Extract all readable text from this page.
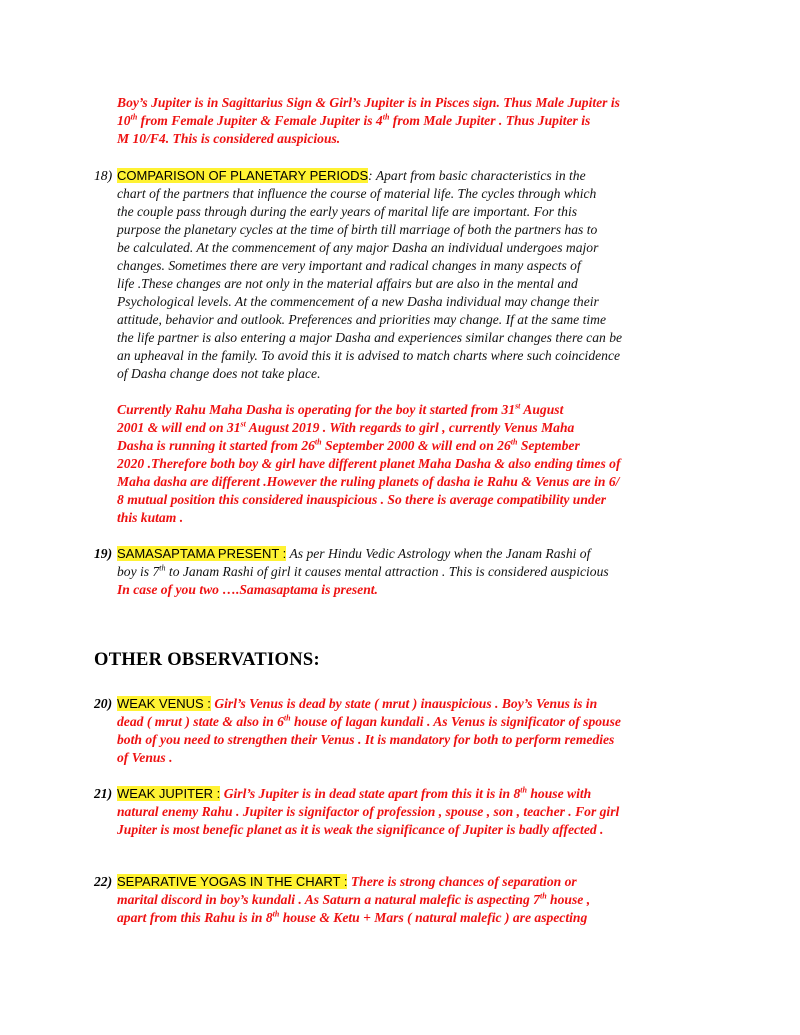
Boy’s Jupiter is in Sagittarius Sign & Girl’s Jupiter is in Pisces sign. Thus Male Jupiter is
10th from Female Jupiter & Female Jupiter is 4th from Male Jupiter . Thus Jupiter is
M 10/F4. This is considered auspicious.
18) COMPARISON OF PLANETARY PERIODS: Apart from basic characteristics in the
chart of the partners that influence the course of material life. The cycles through which
the couple pass through during the early years of marital life are important. For this
purpose the planetary cycles at the time of birth till marriage of both the partners has to
be calculated. At the commencement of any major Dasha an individual undergoes major
changes. Sometimes there are very important and radical changes in many aspects of
life .These changes are not only in the material affairs but are also in the mental and
Psychological levels. At the commencement of a new Dasha individual may change their
attitude, behavior and outlook. Preferences and priorities may change. If at the same time
the life partner is also entering a major Dasha and experiences similar changes there can be
an upheaval in the family. To avoid this it is advised to match charts where such coincidence
of Dasha change does not take place.
Currently Rahu Maha Dasha is operating for the boy it started from 31st August
2001 & will end on 31st August 2019 . With regards to girl , currently Venus Maha
Dasha is running it started from 26th September 2000 & will end on 26th September
2020 .Therefore both boy & girl have different planet Maha Dasha & also ending times of
Maha dasha are different .However the ruling planets of dasha ie Rahu & Venus are in 6/
8 mutual position this considered inauspicious . So there is average compatibility under
this kutam .
19) SAMASAPTAMA PRESENT : As per Hindu Vedic Astrology when the Janam Rashi of
boy is 7th to Janam Rashi of girl it causes mental attraction . This is considered auspicious
In case of you two ….Samasaptama is present.
OTHER OBSERVATIONS:
20) WEAK VENUS : Girl’s Venus is dead by state ( mrut ) inauspicious . Boy’s Venus is in
dead ( mrut ) state & also in 6th house of lagan kundali . As Venus is significator of spouse
both of you need to strengthen their Venus . It is mandatory for both to perform remedies
of Venus .
21) WEAK JUPITER : Girl’s Jupiter is in dead state apart from this it is in 8th house with
natural enemy Rahu . Jupiter is signifactor of profession , spouse , son , teacher . For girl
Jupiter is most benefic planet as it is weak the significance of Jupiter is badly affected .
22) SEPARATIVE YOGAS IN THE CHART : There is strong chances of separation or
marital discord in boy’s kundali . As Saturn a natural malefic is aspecting 7th house ,
apart from this Rahu is in 8th house & Ketu + Mars ( natural malefic ) are aspecting
